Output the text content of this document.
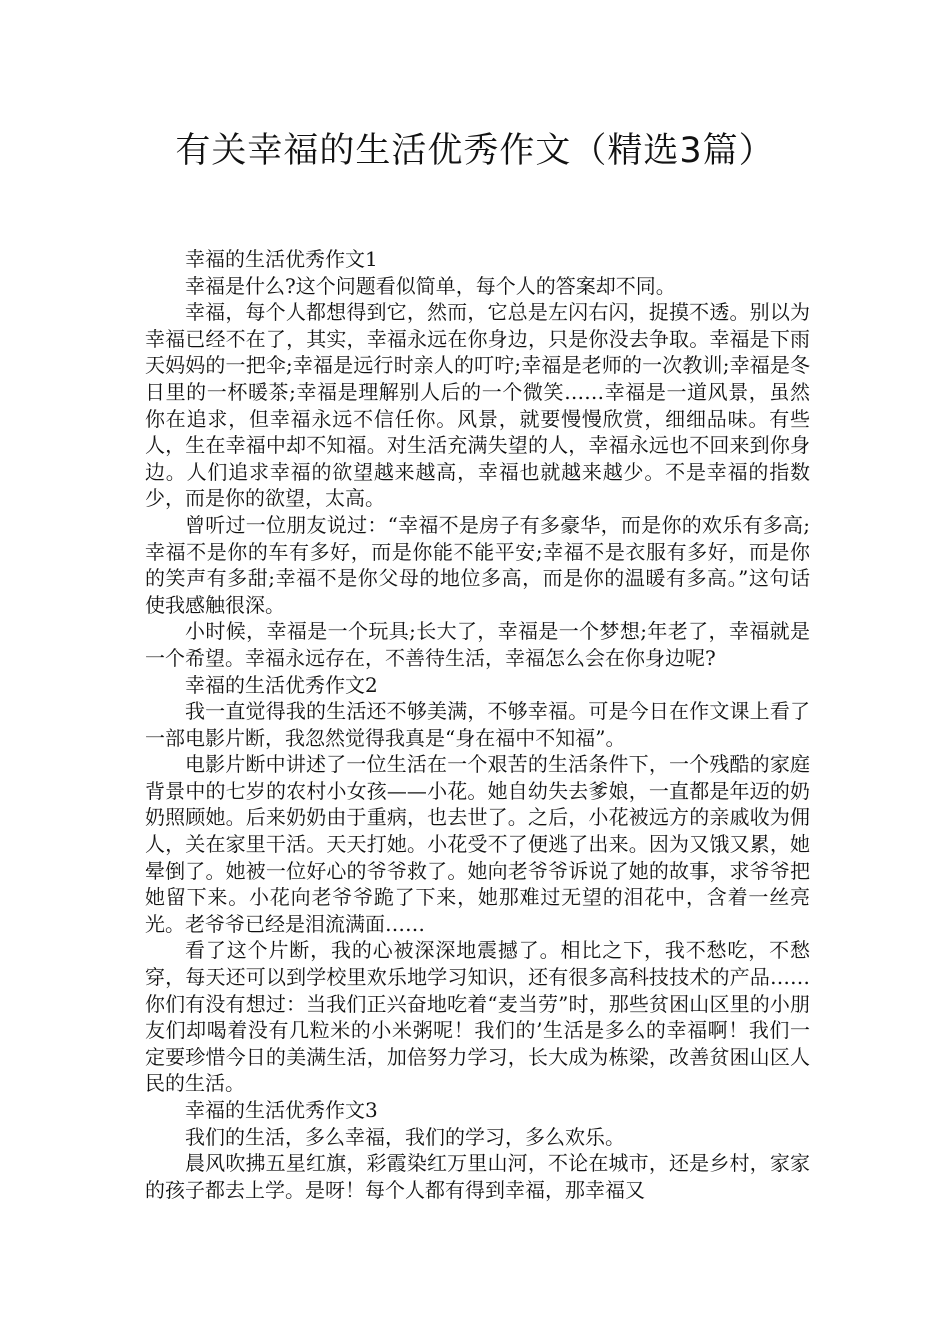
有关幸福的生活优秀作文（精选3篇）

幸福的生活优秀作文1

幸福是什么?这个问题看似简单，每个人的答案却不同。

幸福，每个人都想得到它，然而，它总是左闪右闪，捉摸不透。别以为幸福已经不在了，其实，幸福永远在你身边，只是你没去争取。幸福是下雨天妈妈的一把伞;幸福是远行时亲人的叮咛;幸福是老师的一次教训;幸福是冬日里的一杯暖茶;幸福是理解别人后的一个微笑……幸福是一道风景，虽然你在追求，但幸福永远不信任你。风景，就要慢慢欣赏，细细品味。有些人，生在幸福中却不知福。对生活充满失望的人，幸福永远也不回来到你身边。人们追求幸福的欲望越来越高，幸福也就越来越少。不是幸福的指数少，而是你的欲望，太高。

曾听过一位朋友说过：“幸福不是房子有多豪华，而是你的欢乐有多高;幸福不是你的车有多好，而是你能不能平安;幸福不是衣服有多好，而是你的笑声有多甜;幸福不是你父母的地位多高，而是你的温暖有多高。”这句话使我感触很深。

小时候，幸福是一个玩具;长大了，幸福是一个梦想;年老了，幸福就是一个希望。幸福永远存在，不善待生活，幸福怎么会在你身边呢?

幸福的生活优秀作文2

我一直觉得我的生活还不够美满，不够幸福。可是今日在作文课上看了一部电影片断，我忽然觉得我真是“身在福中不知福”。

电影片断中讲述了一位生活在一个艰苦的生活条件下，一个残酷的家庭背景中的七岁的农村小女孩——小花。她自幼失去爹娘，一直都是年迈的奶奶照顾她。后来奶奶由于重病，也去世了。之后，小花被远方的亲戚收为佣人，关在家里干活。天天打她。小花受不了便逃了出来。因为又饿又累，她晕倒了。她被一位好心的爷爷救了。她向老爷爷诉说了她的故事，求爷爷把她留下来。小花向老爷爷跪了下来，她那难过无望的泪花中，含着一丝亮光。老爷爷已经是泪流满面……

看了这个片断，我的心被深深地震撼了。相比之下，我不愁吃，不愁穿，每天还可以到学校里欢乐地学习知识，还有很多高科技技术的产品……你们有没有想过：当我们正兴奋地吃着“麦当劳”时，那些贫困山区里的小朋友们却喝着没有几粒米的小米粥呢！我们的’生活是多么的幸福啊！我们一定要珍惜今日的美满生活，加倍努力学习，长大成为栋梁，改善贫困山区人民的生活。

幸福的生活优秀作文3

我们的生活，多么幸福，我们的学习，多么欢乐。

晨风吹拂五星红旗，彩霞染红万里山河，不论在城市，还是乡村，家家的孩子都去上学。是呀！每个人都有得到幸福，那幸福又
